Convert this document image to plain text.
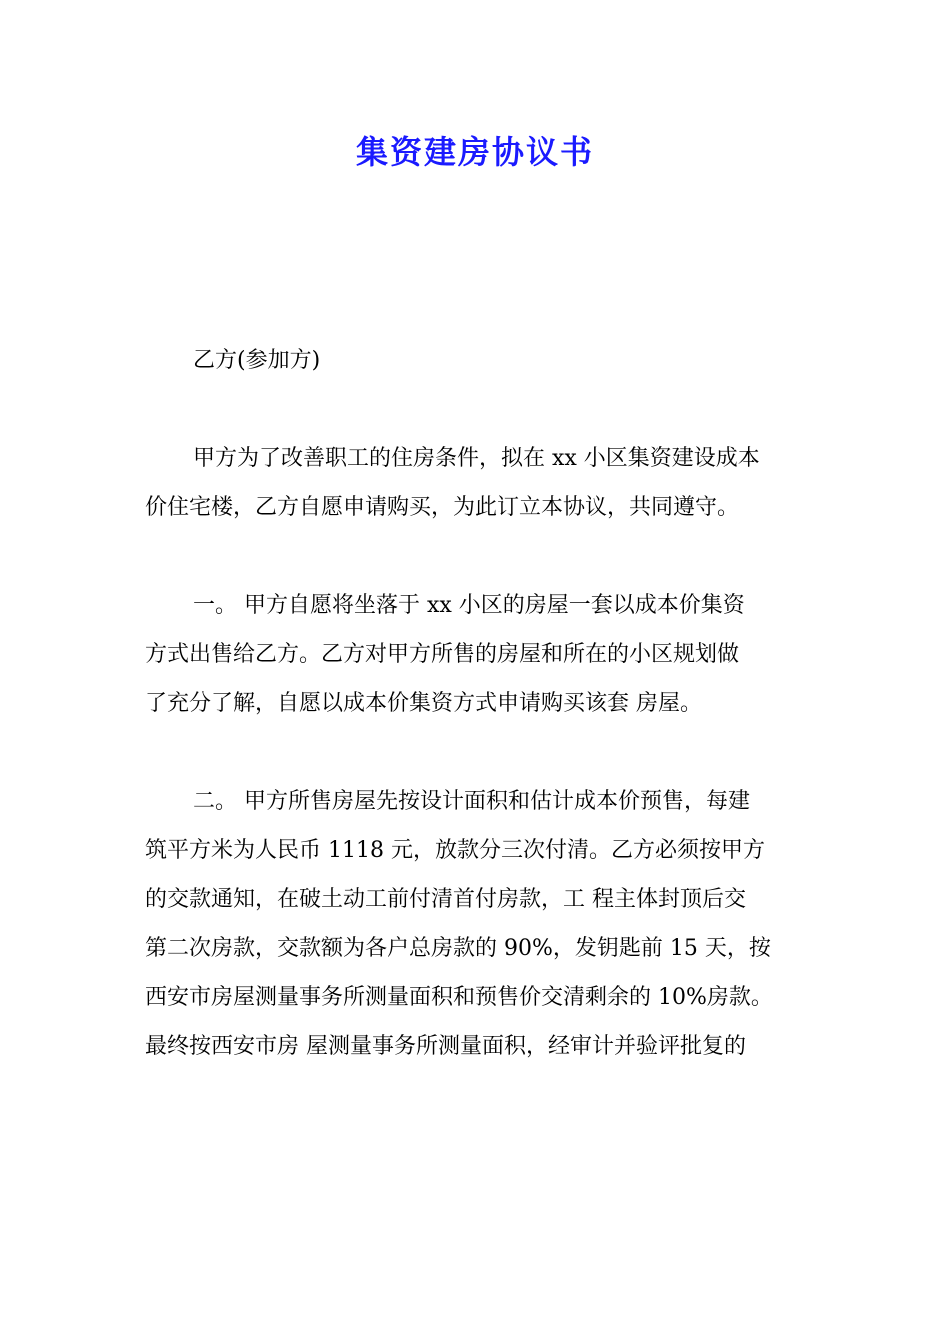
集资建房协议书

乙方(参加方)

甲方为了改善职工的住房条件，拟在 xx 小区集资建设成本

价住宅楼，乙方自愿申请购买，为此订立本协议，共同遵守。

一。 甲方自愿将坐落于 xx 小区的房屋一套以成本价集资

方式出售给乙方。乙方对甲方所售的房屋和所在的小区规划做

了充分了解，自愿以成本价集资方式申请购买该套 房屋。

二。 甲方所售房屋先按设计面积和估计成本价预售，每建

筑平方米为人民币 1118 元，放款分三次付清。乙方必须按甲方

的交款通知，在破土动工前付清首付房款，工 程主体封顶后交

第二次房款，交款额为各户总房款的 90%，发钥匙前 15 天，按

西安市房屋测量事务所测量面积和预售价交清剩余的 10%房款。

最终按西安市房 屋测量事务所测量面积，经审计并验评批复的
